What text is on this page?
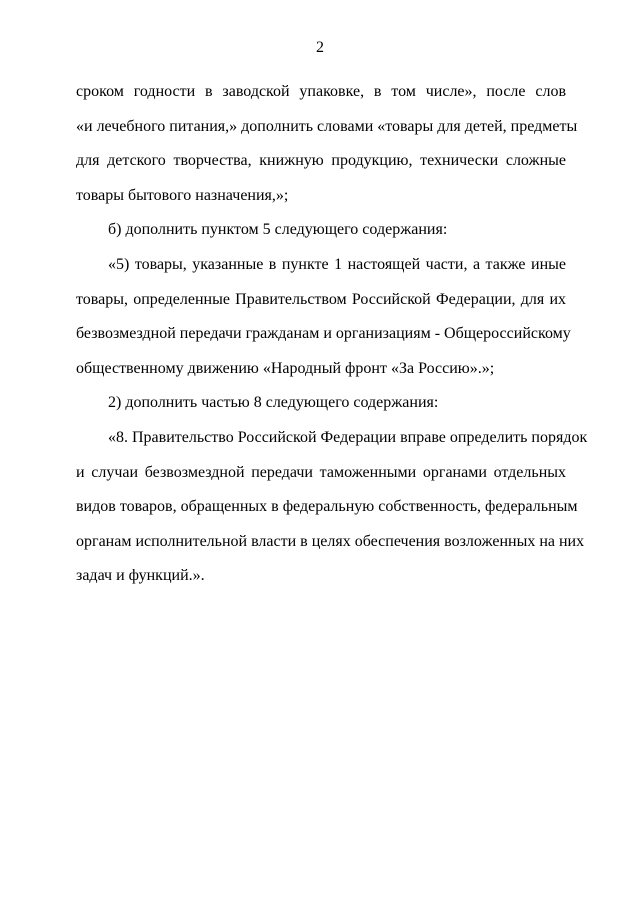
2
сроком годности в заводской упаковке, в том числе», после слов
«и лечебного питания,» дополнить словами «товары для детей, предметы
для детского творчества, книжную продукцию, технически сложные
товары бытового назначения,»;
б) дополнить пунктом 5 следующего содержания:
«5) товары, указанные в пункте 1 настоящей части, а также иные
товары, определенные Правительством Российской Федерации, для их
безвозмездной передачи гражданам и организациям - Общероссийскому
общественному движению «Народный фронт «За Россию».»;
2) дополнить частью 8 следующего содержания:
«8. Правительство Российской Федерации вправе определить порядок
и случаи безвозмездной передачи таможенными органами отдельных
видов товаров, обращенных в федеральную собственность, федеральным
органам исполнительной власти в целях обеспечения возложенных на них
задач и функций.».
